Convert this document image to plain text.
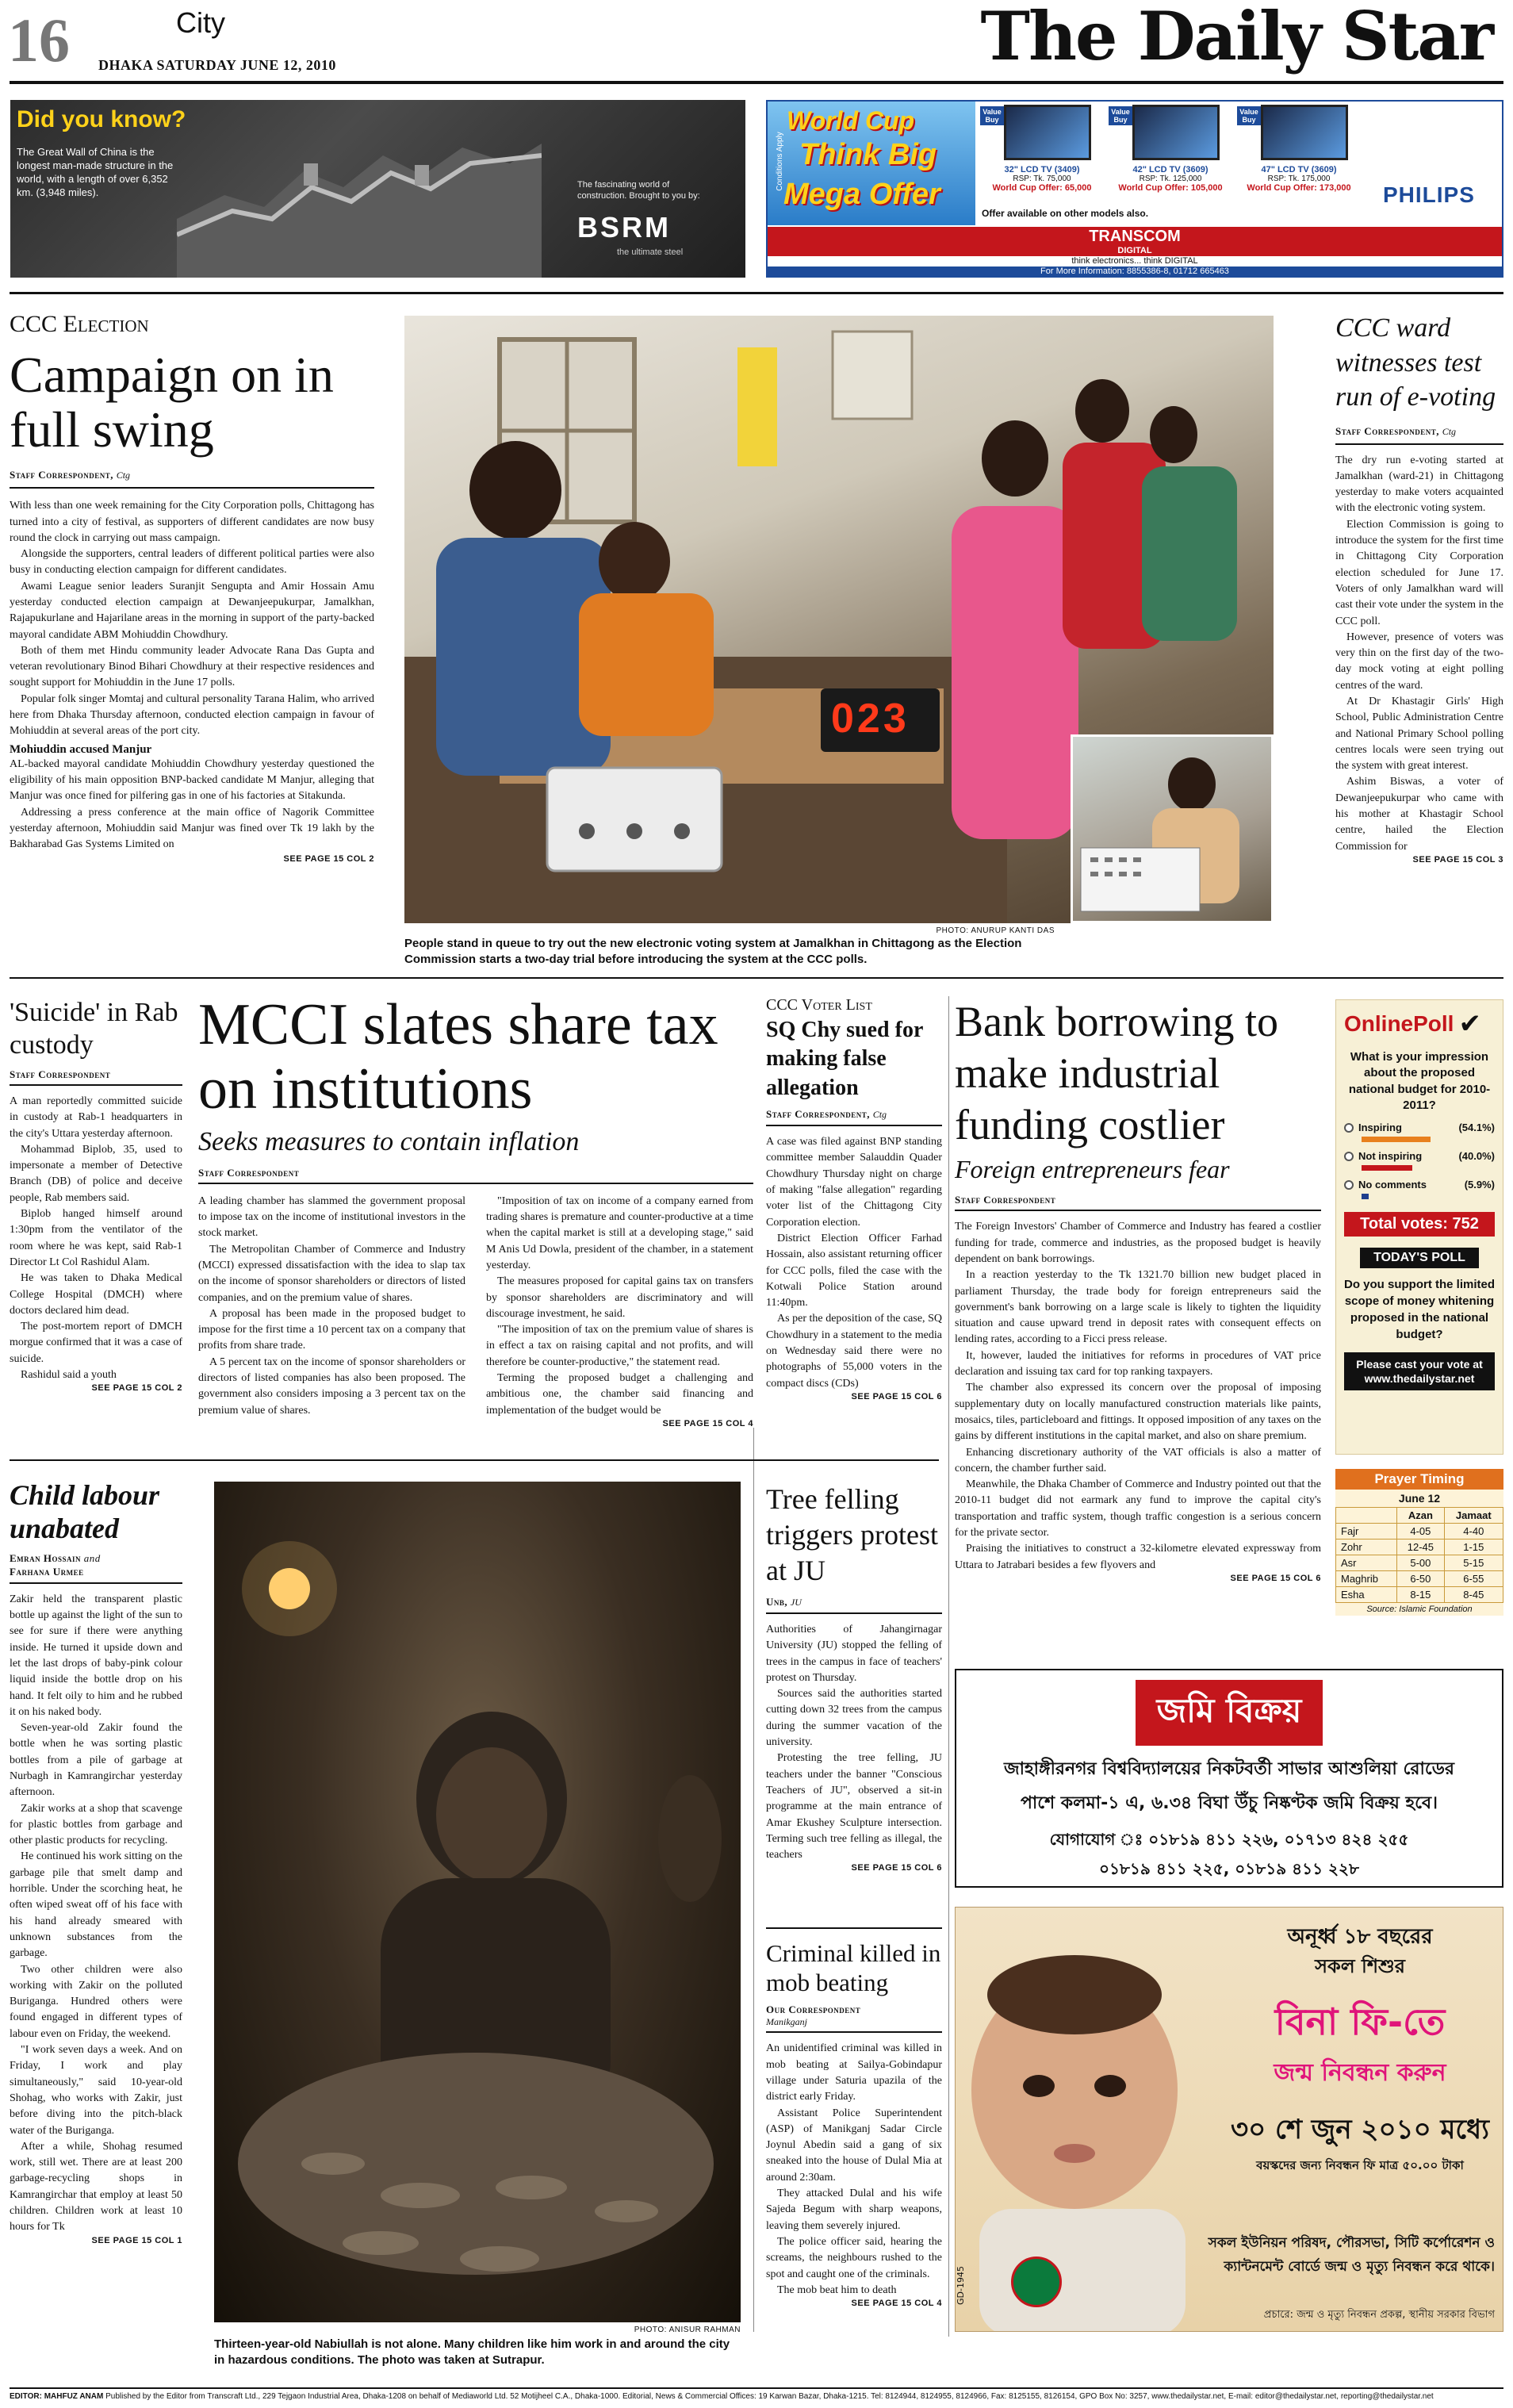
16	City
DHAKA SATURDAY JUNE 12, 2010	The Daily Star
Did you know?
The Great Wall of China is the longest man-made structure in the world, with a length of over 6,352 km. (3,948 miles).
The fascinating world of construction. Brought to you by:
BSRM
the ultimate steel
Conditions Apply
World Cup
Think Big
Mega Offer
Value Buy
32" LCD TV (3409)
RSP: Tk. 75,000
World Cup Offer: 65,000
Value Buy
42" LCD TV (3609)
RSP: Tk. 125,000
World Cup Offer: 105,000
Value Buy
47" LCD TV (3609)
RSP: Tk. 175,000
World Cup Offer: 173,000	PHILIPS
Offer available on other models also.
TRANSCOM
DIGITAL
think electronics... think DIGITAL
For More Information: 8855386-8, 01712 665463
CCC Election
Campaign on in full swing
Staff Correspondent, Ctg

With less than one week remaining for the City Corporation polls, Chittagong has turned into a city of festival, as supporters of different candidates are now busy round the clock in carrying out mass campaign.

Alongside the supporters, central leaders of different political parties were also busy in conducting election campaign for different candidates.

Awami League senior leaders Suranjit Sengupta and Amir Hossain Amu yesterday conducted election campaign at Dewanjeepukurpar, Jamalkhan, Rajapukurlane and Hajarilane areas in the morning in support of the party-backed mayoral candidate ABM Mohiuddin Chowdhury.

Both of them met Hindu community leader Advocate Rana Das Gupta and veteran revolutionary Binod Bihari Chowdhury at their respective residences and sought support for Mohiuddin in the June 17 polls.

Popular folk singer Momtaj and cultural personality Tarana Halim, who arrived here from Dhaka Thursday afternoon, conducted election campaign in favour of Mohiuddin at several areas of the port city.

Mohiuddin accused Manjur

AL-backed mayoral candidate Mohiuddin Chowdhury yesterday questioned the eligibility of his main opposition BNP-backed candidate M Manjur, alleging that Manjur was once fined for pilfering gas in one of his factories at Sitakunda.

Addressing a press conference at the main office of Nagorik Committee yesterday afternoon, Mohiuddin said Manjur was fined over Tk 19 lakh by the Bakharabad Gas Systems Limited on

SEE PAGE 15 COL 2
023
PHOTO: ANURUP KANTI DAS
People stand in queue to try out the new electronic voting system at Jamalkhan in Chittagong as the Election Commission starts a two-day trial before introducing the system at the CCC polls.
CCC ward witnesses test run of e-voting
Staff Correspondent, Ctg

The dry run e-voting started at Jamalkhan (ward-21) in Chittagong yesterday to make voters acquainted with the electronic voting system.

Election Commission is going to introduce the system for the first time in Chittagong City Corporation election scheduled for June 17. Voters of only Jamalkhan ward will cast their vote under the system in the CCC poll.

However, presence of voters was very thin on the first day of the two-day mock voting at eight polling centres of the ward.

At Dr Khastagir Girls' High School, Public Administration Centre and National Primary School polling centres locals were seen trying out the system with great interest.

Ashim Biswas, a voter of Dewanjeepukurpar who came with his mother at Khastagir School centre, hailed the Election Commission for

SEE PAGE 15 COL 3
'Suicide' in Rab custody
Staff Correspondent

A man reportedly committed suicide in custody at Rab-1 headquarters in the city's Uttara yesterday afternoon.

Mohammad Biplob, 35, used to impersonate a member of Detective Branch (DB) of police and deceive people, Rab members said.

Biplob hanged himself around 1:30pm from the ventilator of the room where he was kept, said Rab-1 Director Lt Col Rashidul Alam.

He was taken to Dhaka Medical College Hospital (DMCH) where doctors declared him dead.

The post-mortem report of DMCH morgue confirmed that it was a case of suicide.

Rashidul said a youth

SEE PAGE 15 COL 2
MCCI slates share tax on institutions
Seeks measures to contain inflation
Staff Correspondent

A leading chamber has slammed the government proposal to impose tax on the income of institutional investors in the stock market.

The Metropolitan Chamber of Commerce and Industry (MCCI) expressed dissatisfaction with the idea to slap tax on the income of sponsor shareholders or directors of listed companies, and on the premium value of shares.

A proposal has been made in the proposed budget to impose for the first time a 10 percent tax on a company that profits from share trade.

A 5 percent tax on the income of sponsor shareholders or directors of listed companies has also been proposed. The government also considers imposing a 3 percent tax on the premium value of shares.

"Imposition of tax on income of a company earned from trading shares is premature and counter-productive at a time when the capital market is still at a developing stage," said M Anis Ud Dowla, president of the chamber, in a statement yesterday.

The measures proposed for capital gains tax on transfers by sponsor shareholders are discriminatory and will discourage investment, he said.

"The imposition of tax on the premium value of shares is in effect a tax on raising capital and not profits, and will therefore be counter-productive," the statement read.

Terming the proposed budget a challenging and ambitious one, the chamber said financing and implementation of the budget would be

SEE PAGE 15 COL 4
CCC Voter List
SQ Chy sued for making false allegation
Staff Correspondent, Ctg

A case was filed against BNP standing committee member Salauddin Quader Chowdhury Thursday night on charge of making "false allegation" regarding voter list of the Chittagong City Corporation election.

District Election Officer Farhad Hossain, also assistant returning officer for CCC polls, filed the case with the Kotwali Police Station around 11:40pm.

As per the deposition of the case, SQ Chowdhury in a statement to the media on Wednesday said there were no photographs of 55,000 voters in the compact discs (CDs)

SEE PAGE 15 COL 6
Bank borrowing to make industrial funding costlier
Foreign entrepreneurs fear
Staff Correspondent

The Foreign Investors' Chamber of Commerce and Industry has feared a costlier funding for trade, commerce and industries, as the proposed budget is heavily dependent on bank borrowings.

In a reaction yesterday to the Tk 1321.70 billion new budget placed in parliament Thursday, the trade body for foreign entrepreneurs said the government's bank borrowing on a large scale is likely to tighten the liquidity situation and cause upward trend in deposit rates with consequent effects on lending rates, according to a Ficci press release.

It, however, lauded the initiatives for reforms in procedures of VAT price declaration and issuing tax card for top ranking taxpayers.

The chamber also expressed its concern over the proposal of imposing supplementary duty on locally manufactured construction materials like paints, mosaics, tiles, particleboard and fittings. It opposed imposition of any taxes on the gains by different institutions in the capital market, and also on share premium.

Enhancing discretionary authority of the VAT officials is also a matter of concern, the chamber further said.

Meanwhile, the Dhaka Chamber of Commerce and Industry pointed out that the 2010-11 budget did not earmark any fund to improve the capital city's transportation and traffic system, though traffic congestion is a serious concern for the private sector.

Praising the initiatives to construct a 32-kilometre elevated expressway from Uttara to Jatrabari besides a few flyovers and

SEE PAGE 15 COL 6
OnlinePoll ✔
What is your impression about the proposed national budget for 2010-2011?
Inspiring	(54.1%)
Not inspiring	(40.0%)
No comments	(5.9%)
Total votes: 752
TODAY'S POLL
Do you support the limited scope of money whitening proposed in the national budget?
Please cast your vote at www.thedailystar.net
Prayer Timing
June 12
	Azan	Jamaat
Fajr	4-05	4-40
Zohr	12-45	1-15
Asr	5-00	5-15
Maghrib	6-50	6-55
Esha	8-15	8-45
Source: Islamic Foundation
Child labour unabated
Emran Hossain and
Farhana Urmee

Zakir held the transparent plastic bottle up against the light of the sun to see for sure if there were anything inside. He turned it upside down and let the last drops of baby-pink colour liquid inside the bottle drop on his hand. It felt oily to him and he rubbed it on his naked body.

Seven-year-old Zakir found the bottle when he was sorting plastic bottles from a pile of garbage at Nurbagh in Kamrangirchar yesterday afternoon.

Zakir works at a shop that scavenge for plastic bottles from garbage and other plastic products for recycling.

He continued his work sitting on the garbage pile that smelt damp and horrible. Under the scorching heat, he often wiped sweat off of his face with his hand already smeared with unknown substances from the garbage.

Two other children were also working with Zakir on the polluted Buriganga. Hundred others were found engaged in different types of labour even on Friday, the weekend.

"I work seven days a week. And on Friday, I work and play simultaneously," said 10-year-old Shohag, who works with Zakir, just before diving into the pitch-black water of the Buriganga.

After a while, Shohag resumed work, still wet. There are at least 200 garbage-recycling shops in Kamrangirchar that employ at least 50 children. Children work at least 10 hours for Tk

SEE PAGE 15 COL 1
PHOTO: ANISUR RAHMAN
Thirteen-year-old Nabiullah is not alone. Many children like him work in and around the city in hazardous conditions. The photo was taken at Sutrapur.
Tree felling triggers protest at JU
Unb, JU

Authorities of Jahangirnagar University (JU) stopped the felling of trees in the campus in face of teachers' protest on Thursday.

Sources said the authorities started cutting down 32 trees from the campus during the summer vacation of the university.

Protesting the tree felling, JU teachers under the banner "Conscious Teachers of JU", observed a sit-in programme at the main entrance of Amar Ekushey Sculpture intersection. Terming such tree felling as illegal, the teachers

SEE PAGE 15 COL 6
Criminal killed in mob beating
Our Correspondent
Manikganj

An unidentified criminal was killed in mob beating at Sailya-Gobindapur village under Saturia upazila of the district early Friday.

Assistant Police Superintendent (ASP) of Manikganj Sadar Circle Joynul Abedin said a gang of six sneaked into the house of Dulal Mia at around 2:30am.

They attacked Dulal and his wife Sajeda Begum with sharp weapons, leaving them severely injured.

The police officer said, hearing the screams, the neighbours rushed to the spot and caught one of the criminals.

The mob beat him to death

SEE PAGE 15 COL 4
জমি বিক্রয়
জাহাঙ্গীরনগর বিশ্ববিদ্যালয়ের নিকটবর্তী সাভার আশুলিয়া রোডের
পাশে কলমা-১ এ, ৬.৩৪ বিঘা উঁচু নিষ্কণ্টক জমি বিক্রয় হবে।
যোগাযোগ ঃ ০১৮১৯ ৪১১ ২২৬, ০১৭১৩ ৪২৪ ২৫৫
০১৮১৯ ৪১১ ২২৫, ০১৮১৯ ৪১১ ২২৮
অনূর্ধ্ব ১৮ বছরের
সকল শিশুর
বিনা ফি-তে
জন্ম নিবন্ধন করুন
৩০ শে জুন ২০১০ মধ্যে
বয়স্কদের জন্য নিবন্ধন ফি মাত্র ৫০.০০ টাকা
সকল ইউনিয়ন পরিষদ, পৌরসভা, সিটি কর্পোরেশন ও
ক্যান্টনমেন্ট বোর্ডে জন্ম ও মৃত্যু নিবন্ধন করে থাকে।
GD-1945
প্রচারে: জন্ম ও মৃত্যু নিবন্ধন প্রকল্প, স্থানীয় সরকার বিভাগ
EDITOR: MAHFUZ ANAM Published by the Editor from Transcraft Ltd., 229 Tejgaon Industrial Area, Dhaka-1208 on behalf of Mediaworld Ltd. 52 Motijheel C.A., Dhaka-1000. Editorial, News & Commercial Offices: 19 Karwan Bazar, Dhaka-1215. Tel: 8124944, 8124955, 8124966, Fax: 8125155, 8126154, GPO Box No: 3257, www.thedailystar.net, E-mail: editor@thedailystar.net, reporting@thedailystar.net
